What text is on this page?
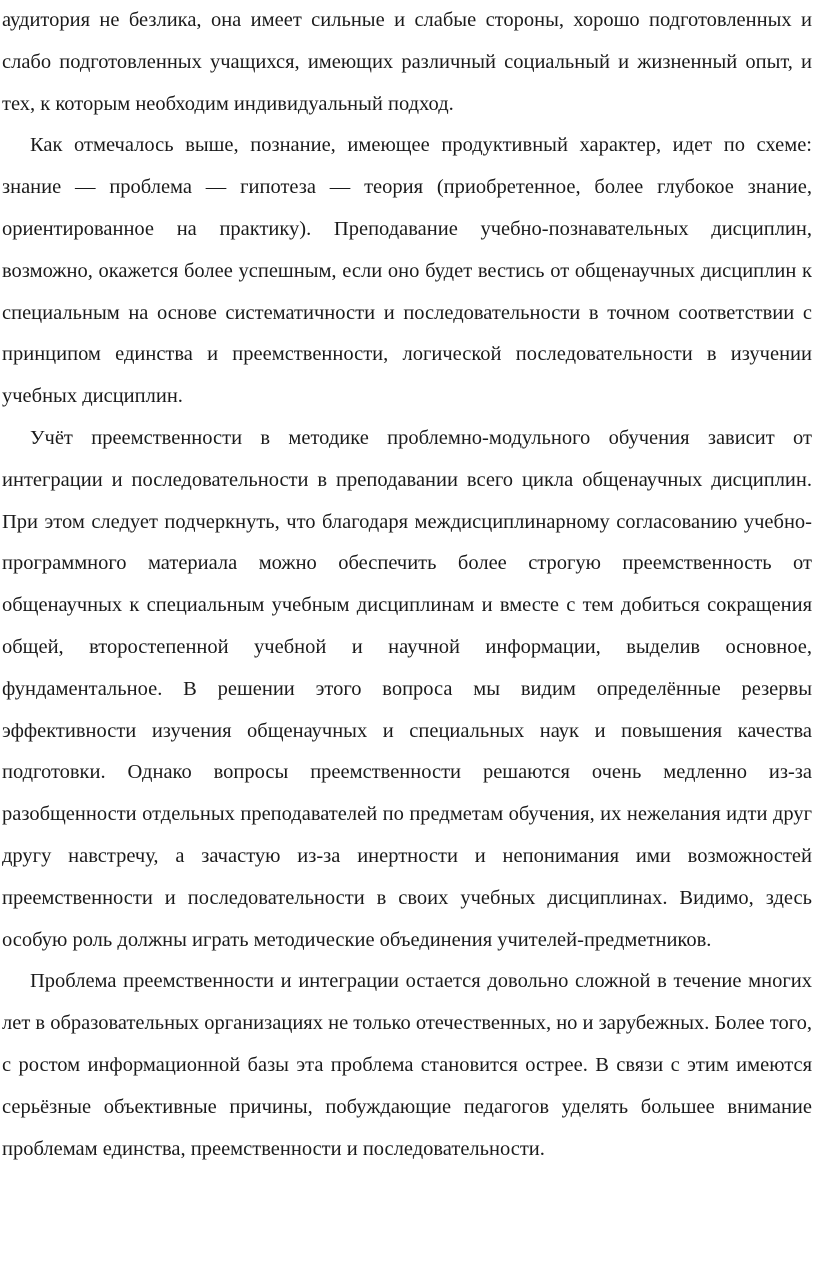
аудитория не безлика, она имеет сильные и слабые стороны, хорошо подготовленных и слабо подготовленных учащихся, имеющих различный социальный и жизненный опыт, и тех, к которым необходим индивидуальный подход.

Как отмечалось выше, познание, имеющее продуктивный характер, идет по схеме: знание — проблема — гипотеза — теория (приобретенное, более глубокое знание, ориентированное на практику). Преподавание учебно-познавательных дисциплин, возможно, окажется более успешным, если оно будет вестись от общенаучных дисциплин к специальным на основе систематичности и последовательности в точном соответствии с принципом единства и преемственности, логической последовательности в изучении учебных дисциплин.

Учёт преемственности в методике проблемно-модульного обучения зависит от интеграции и последовательности в преподавании всего цикла общенаучных дисциплин. При этом следует подчеркнуть, что благодаря междисциплинарному согласованию учебно-программного материала можно обеспечить более строгую преемственность от общенаучных к специальным учебным дисциплинам и вместе с тем добиться сокращения общей, второстепенной учебной и научной информации, выделив основное, фундаментальное. В решении этого вопроса мы видим определённые резервы эффективности изучения общенаучных и специальных наук и повышения качества подготовки. Однако вопросы преемственности решаются очень медленно из-за разобщенности отдельных преподавателей по предметам обучения, их нежелания идти друг другу навстречу, а зачастую из-за инертности и непонимания ими возможностей преемственности и последовательности в своих учебных дисциплинах. Видимо, здесь особую роль должны играть методические объединения учителей-предметников.

Проблема преемственности и интеграции остается довольно сложной в течение многих лет в образовательных организациях не только отечественных, но и зарубежных. Более того, с ростом информационной базы эта проблема становится острее. В связи с этим имеются серьёзные объективные причины, побуждающие педагогов уделять большее внимание проблемам единства, преемственности и последовательности.
